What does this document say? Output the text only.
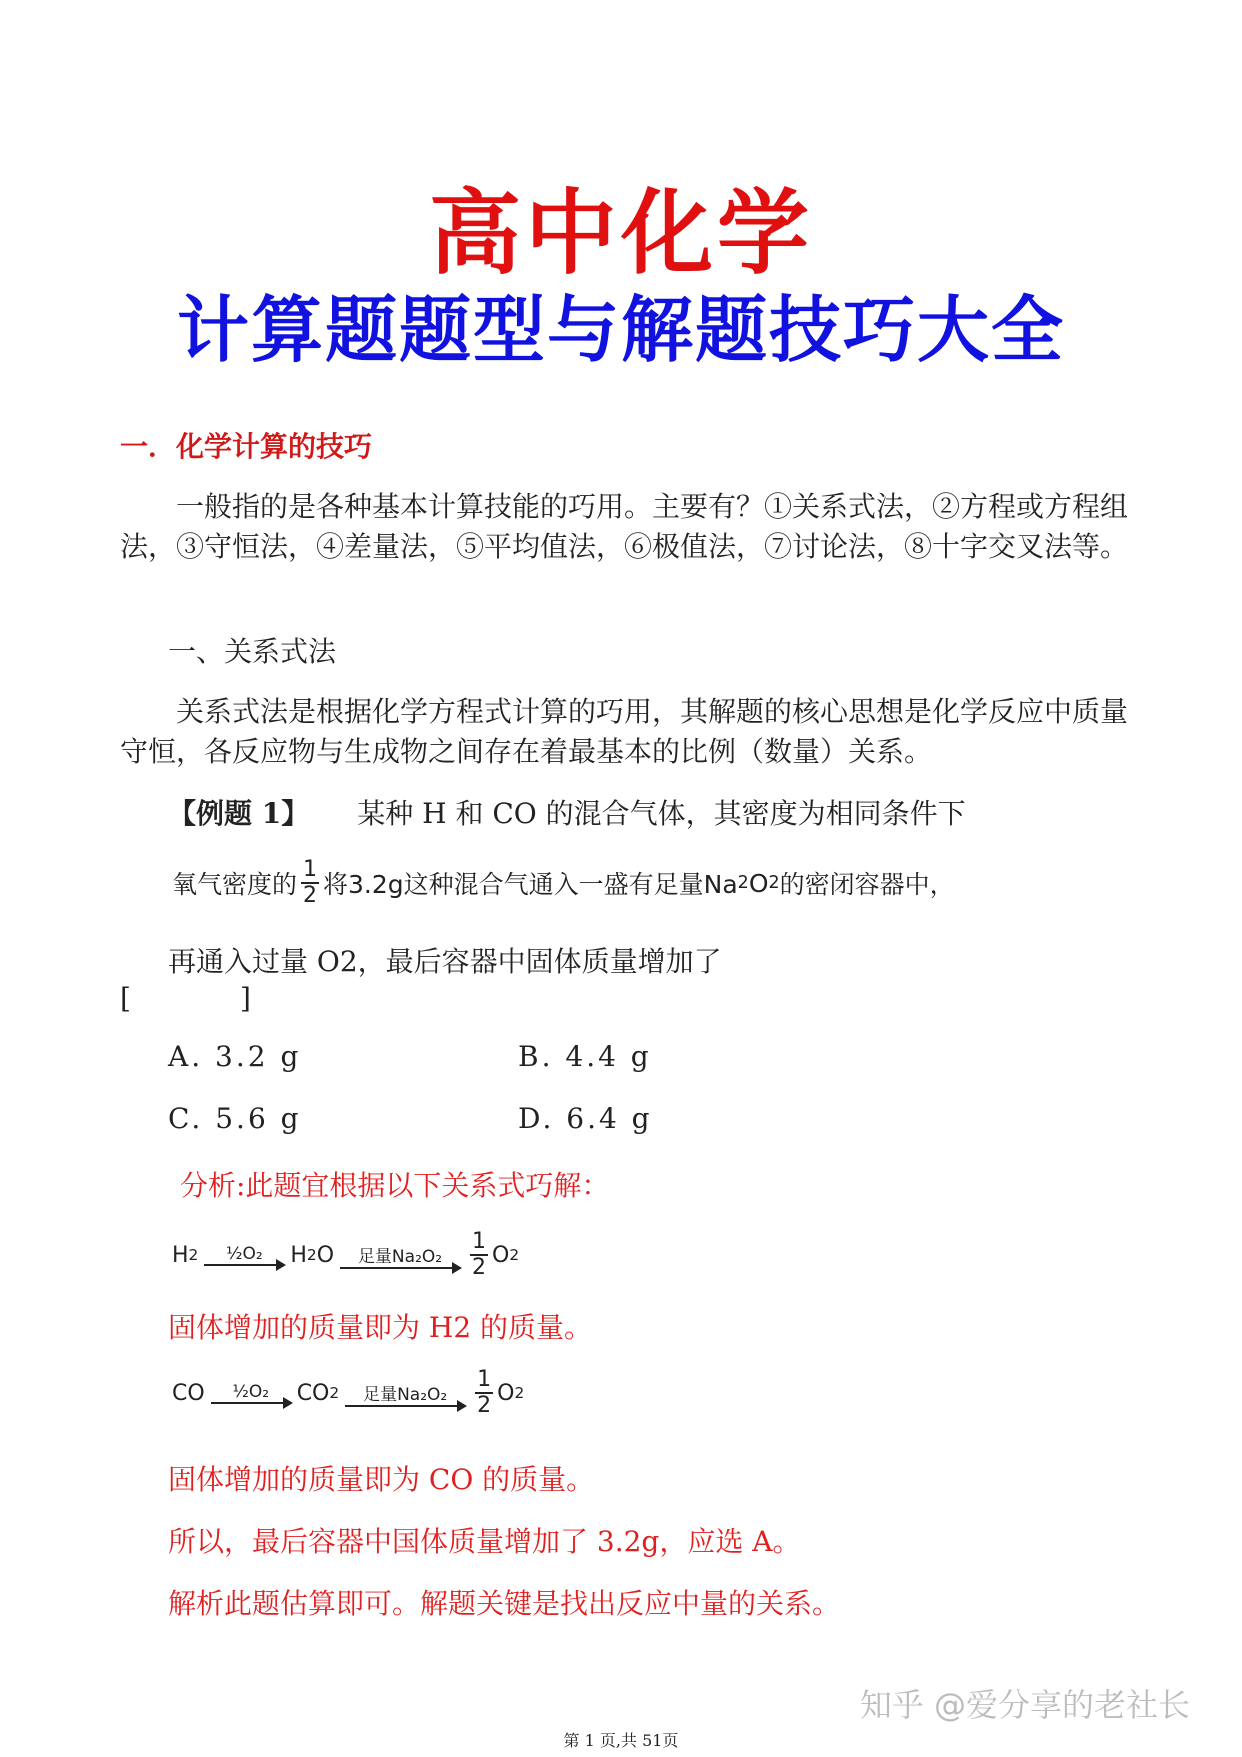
高中化学
计算题题型与解题技巧大全
一．化学计算的技巧
一般指的是各种基本计算技能的巧用。主要有？①关系式法，②方程或方程组法，③守恒法，④差量法，⑤平均值法，⑥极值法，⑦讨论法，⑧十字交叉法等。
一、关系式法
关系式法是根据化学方程式计算的巧用，其解题的核心思想是化学反应中质量守恒，各反应物与生成物之间存在着最基本的比例（数量）关系。
【例题 1】 某种 H 和 CO 的混合气体，其密度为相同条件下
氧气密度的 $\frac{1}{2}$ 将3.2g这种混合气通入一盛有足量Na 2 O 2 的密闭容器中，
再通入过量 O2，最后容器中固体质量增加了
[	]
A. 3.2 g	B. 4.4 g
C. 5.6 g	D. 6.4 g
分析:此题宜根据以下关系式巧解：
H 2 ½O₂ H 2 O 足量$Na_2O_2 \frac{1}{2}$ O 2
固体增加的质量即为 H2 的质量。
CO ½O₂ CO 2 足量$Na_2O_2 \frac{1}{2}$ O 2
固体增加的质量即为 CO 的质量。
所以，最后容器中国体质量增加了 3.2g，应选 A。
解析此题估算即可。解题关键是找出反应中量的关系。
知乎 @爱分享的老社长
第 1 页,共 51页
